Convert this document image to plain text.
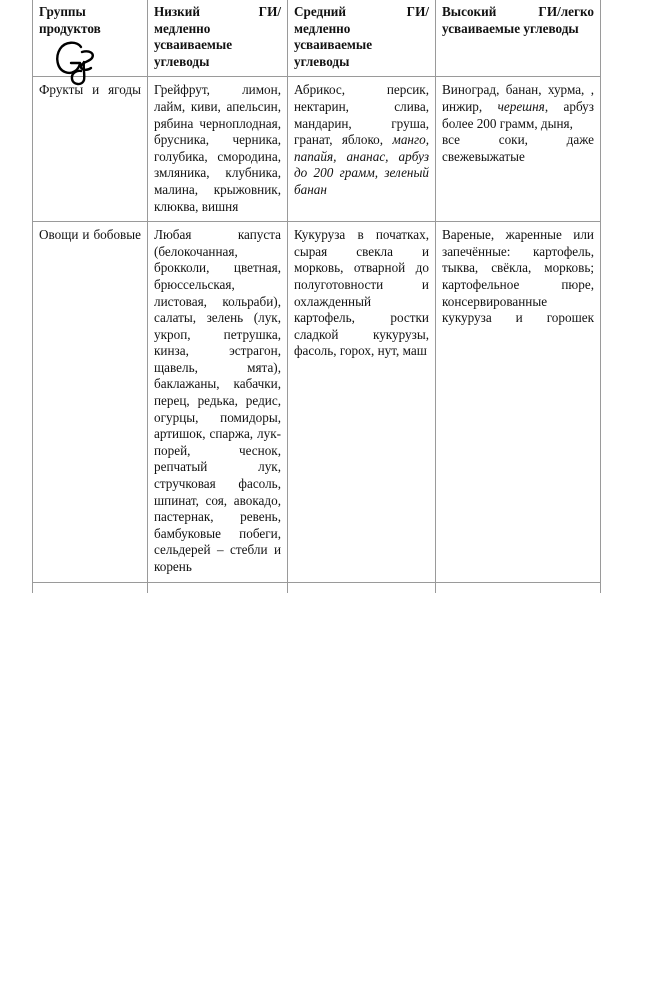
Группы продуктов	Низкий ГИ/ медленно усваиваемые углеводы	Средний ГИ/ медленно усваиваемые углеводы	Высокий ГИ/легко усваиваемые углеводы

Фрукты и ягоды	Грейфрут, лимон, лайм, киви, апельсин, рябина черноплодная, брусника, черника, голубика, смородина, змляника, клубника, малина, крыжовник, клюква, вишня	Абрикос, персик, нектарин, слива, мандарин, груша, гранат, яблоко, манго, папайя, ананас, арбуз до 200 грамм, зеленый банан	Виноград, банан, хурма, , инжир, черешня, арбуз более 200 грамм, дыня,
все соки, даже свежевыжатые

Овощи и бобовые	Любая капуста (белокочанная, брокколи, цветная, брюссельская, листовая, кольраби), салаты, зелень (лук, укроп, петрушка, кинза, эстрагон, щавель, мята), баклажаны, кабачки, перец, редька, редис, огурцы, помидоры, артишок, спаржа, лук-порей, чеснок, репчатый лук, стручковая фасоль, шпинат, соя, авокадо, пастернак, ревень, бамбуковые побеги, сельдерей – стебли и корень	Кукуруза в початках, сырая свекла и морковь, отварной до полуготовности и охлажденный картофель, ростки сладкой кукурузы, фасоль, горох, нут, маш	Вареные, жаренные или запечённые: картофель, тыква, свёкла, морковь; картофельное пюре, консервированные
кукуруза и горошек
